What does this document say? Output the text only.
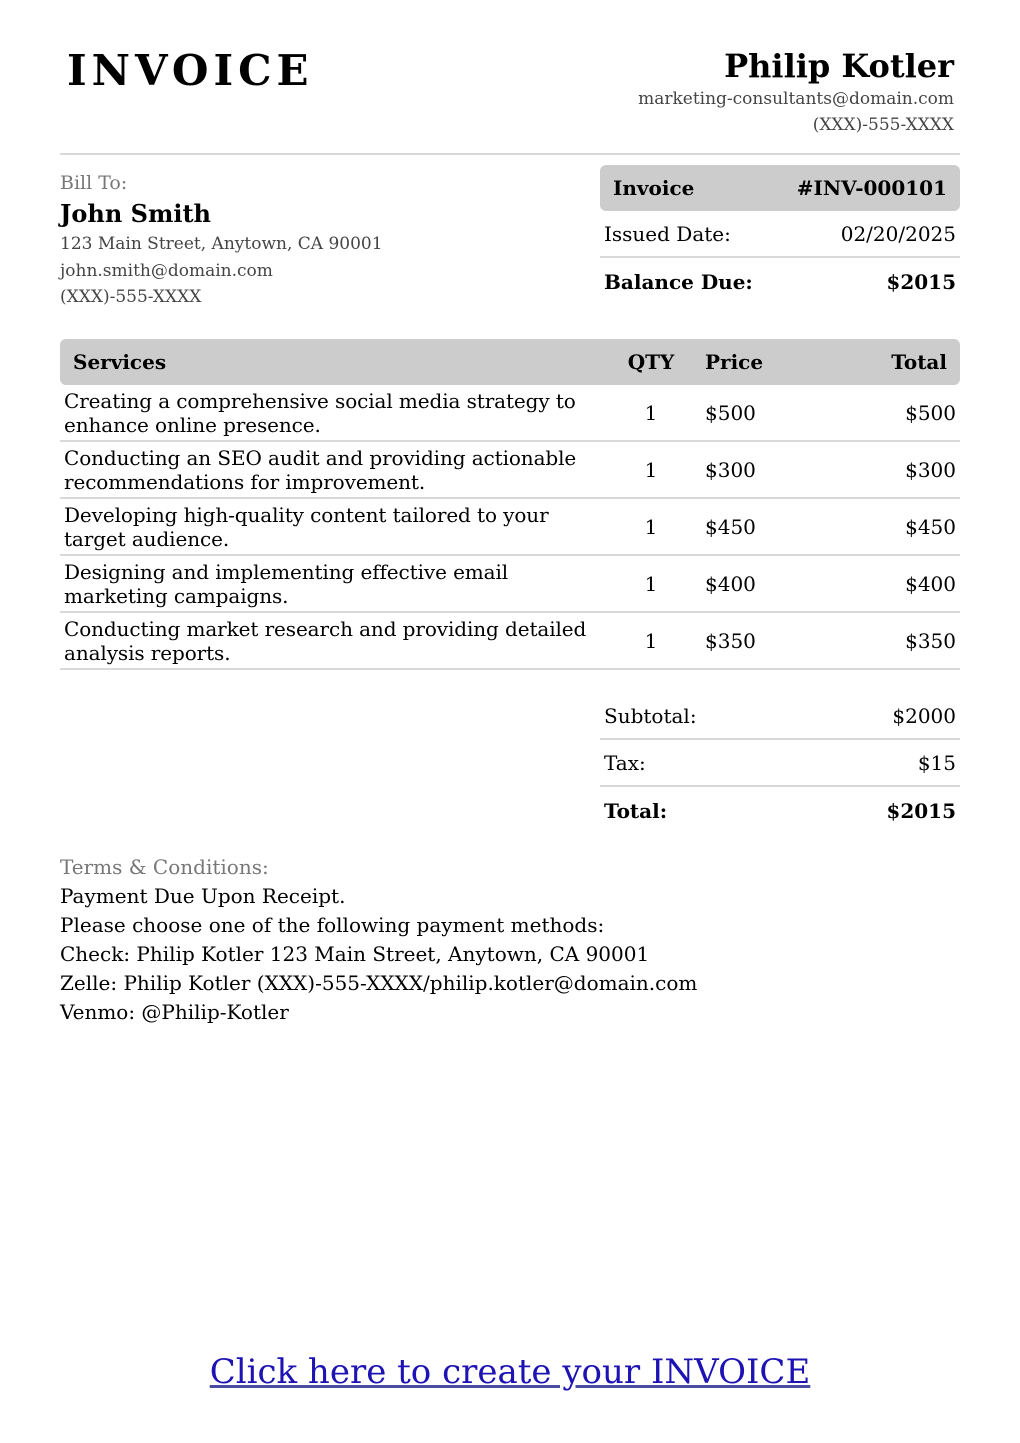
INVOICE	Philip Kotler
marketing-consultants@domain.com
(XXX)-555-XXXX
Bill To:
John Smith
123 Main Street, Anytown, CA 90001
john.smith@domain.com
(XXX)-555-XXXX
Invoice	#INV-000101
Issued Date:	02/20/2025
Balance Due:	$2015
Services	QTY	Price	Total
Creating a comprehensive social media strategy to enhance online presence.	1	$500	$500
Conducting an SEO audit and providing actionable recommendations for improvement.	1	$300	$300
Developing high-quality content tailored to your target audience.	1	$450	$450
Designing and implementing effective email marketing campaigns.	1	$400	$400
Conducting market research and providing detailed analysis reports.	1	$350	$350
Subtotal:	$2000
Tax:	$15
Total:	$2015
Terms & Conditions:
Payment Due Upon Receipt.
Please choose one of the following payment methods:
Check: Philip Kotler 123 Main Street, Anytown, CA 90001
Zelle: Philip Kotler (XXX)-555-XXXX/philip.kotler@domain.com
Venmo: @Philip-Kotler
Click here to create your INVOICE
